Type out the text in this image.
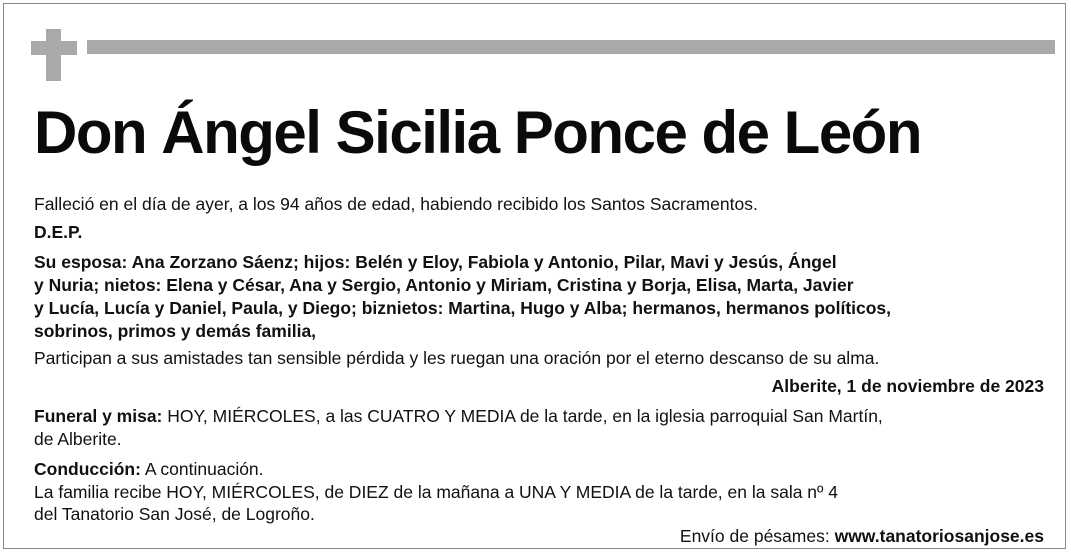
Don Ángel Sicilia Ponce de León

Falleció en el día de ayer, a los 94 años de edad, habiendo recibido los Santos Sacramentos.

D.E.P.

Su esposa: Ana Zorzano Sáenz; hijos: Belén y Eloy, Fabiola y Antonio, Pilar, Mavi y Jesús, Ángel

y Nuria; nietos: Elena y César, Ana y Sergio, Antonio y Miriam, Cristina y Borja, Elisa, Marta, Javier

y Lucía, Lucía y Daniel, Paula, y Diego; biznietos: Martina, Hugo y Alba; hermanos, hermanos políticos,

sobrinos, primos y demás familia,

Participan a sus amistades tan sensible pérdida y les ruegan una oración por el eterno descanso de su alma.

Alberite, 1 de noviembre de 2023

Funeral y misa: HOY, MIÉRCOLES, a las CUATRO Y MEDIA de la tarde, en la iglesia parroquial San Martín,

de Alberite.

Conducción: A continuación.

La familia recibe HOY, MIÉRCOLES, de DIEZ de la mañana a UNA Y MEDIA de la tarde, en la sala nº 4

del Tanatorio San José, de Logroño.

Envío de pésames: www.tanatoriosanjose.es
